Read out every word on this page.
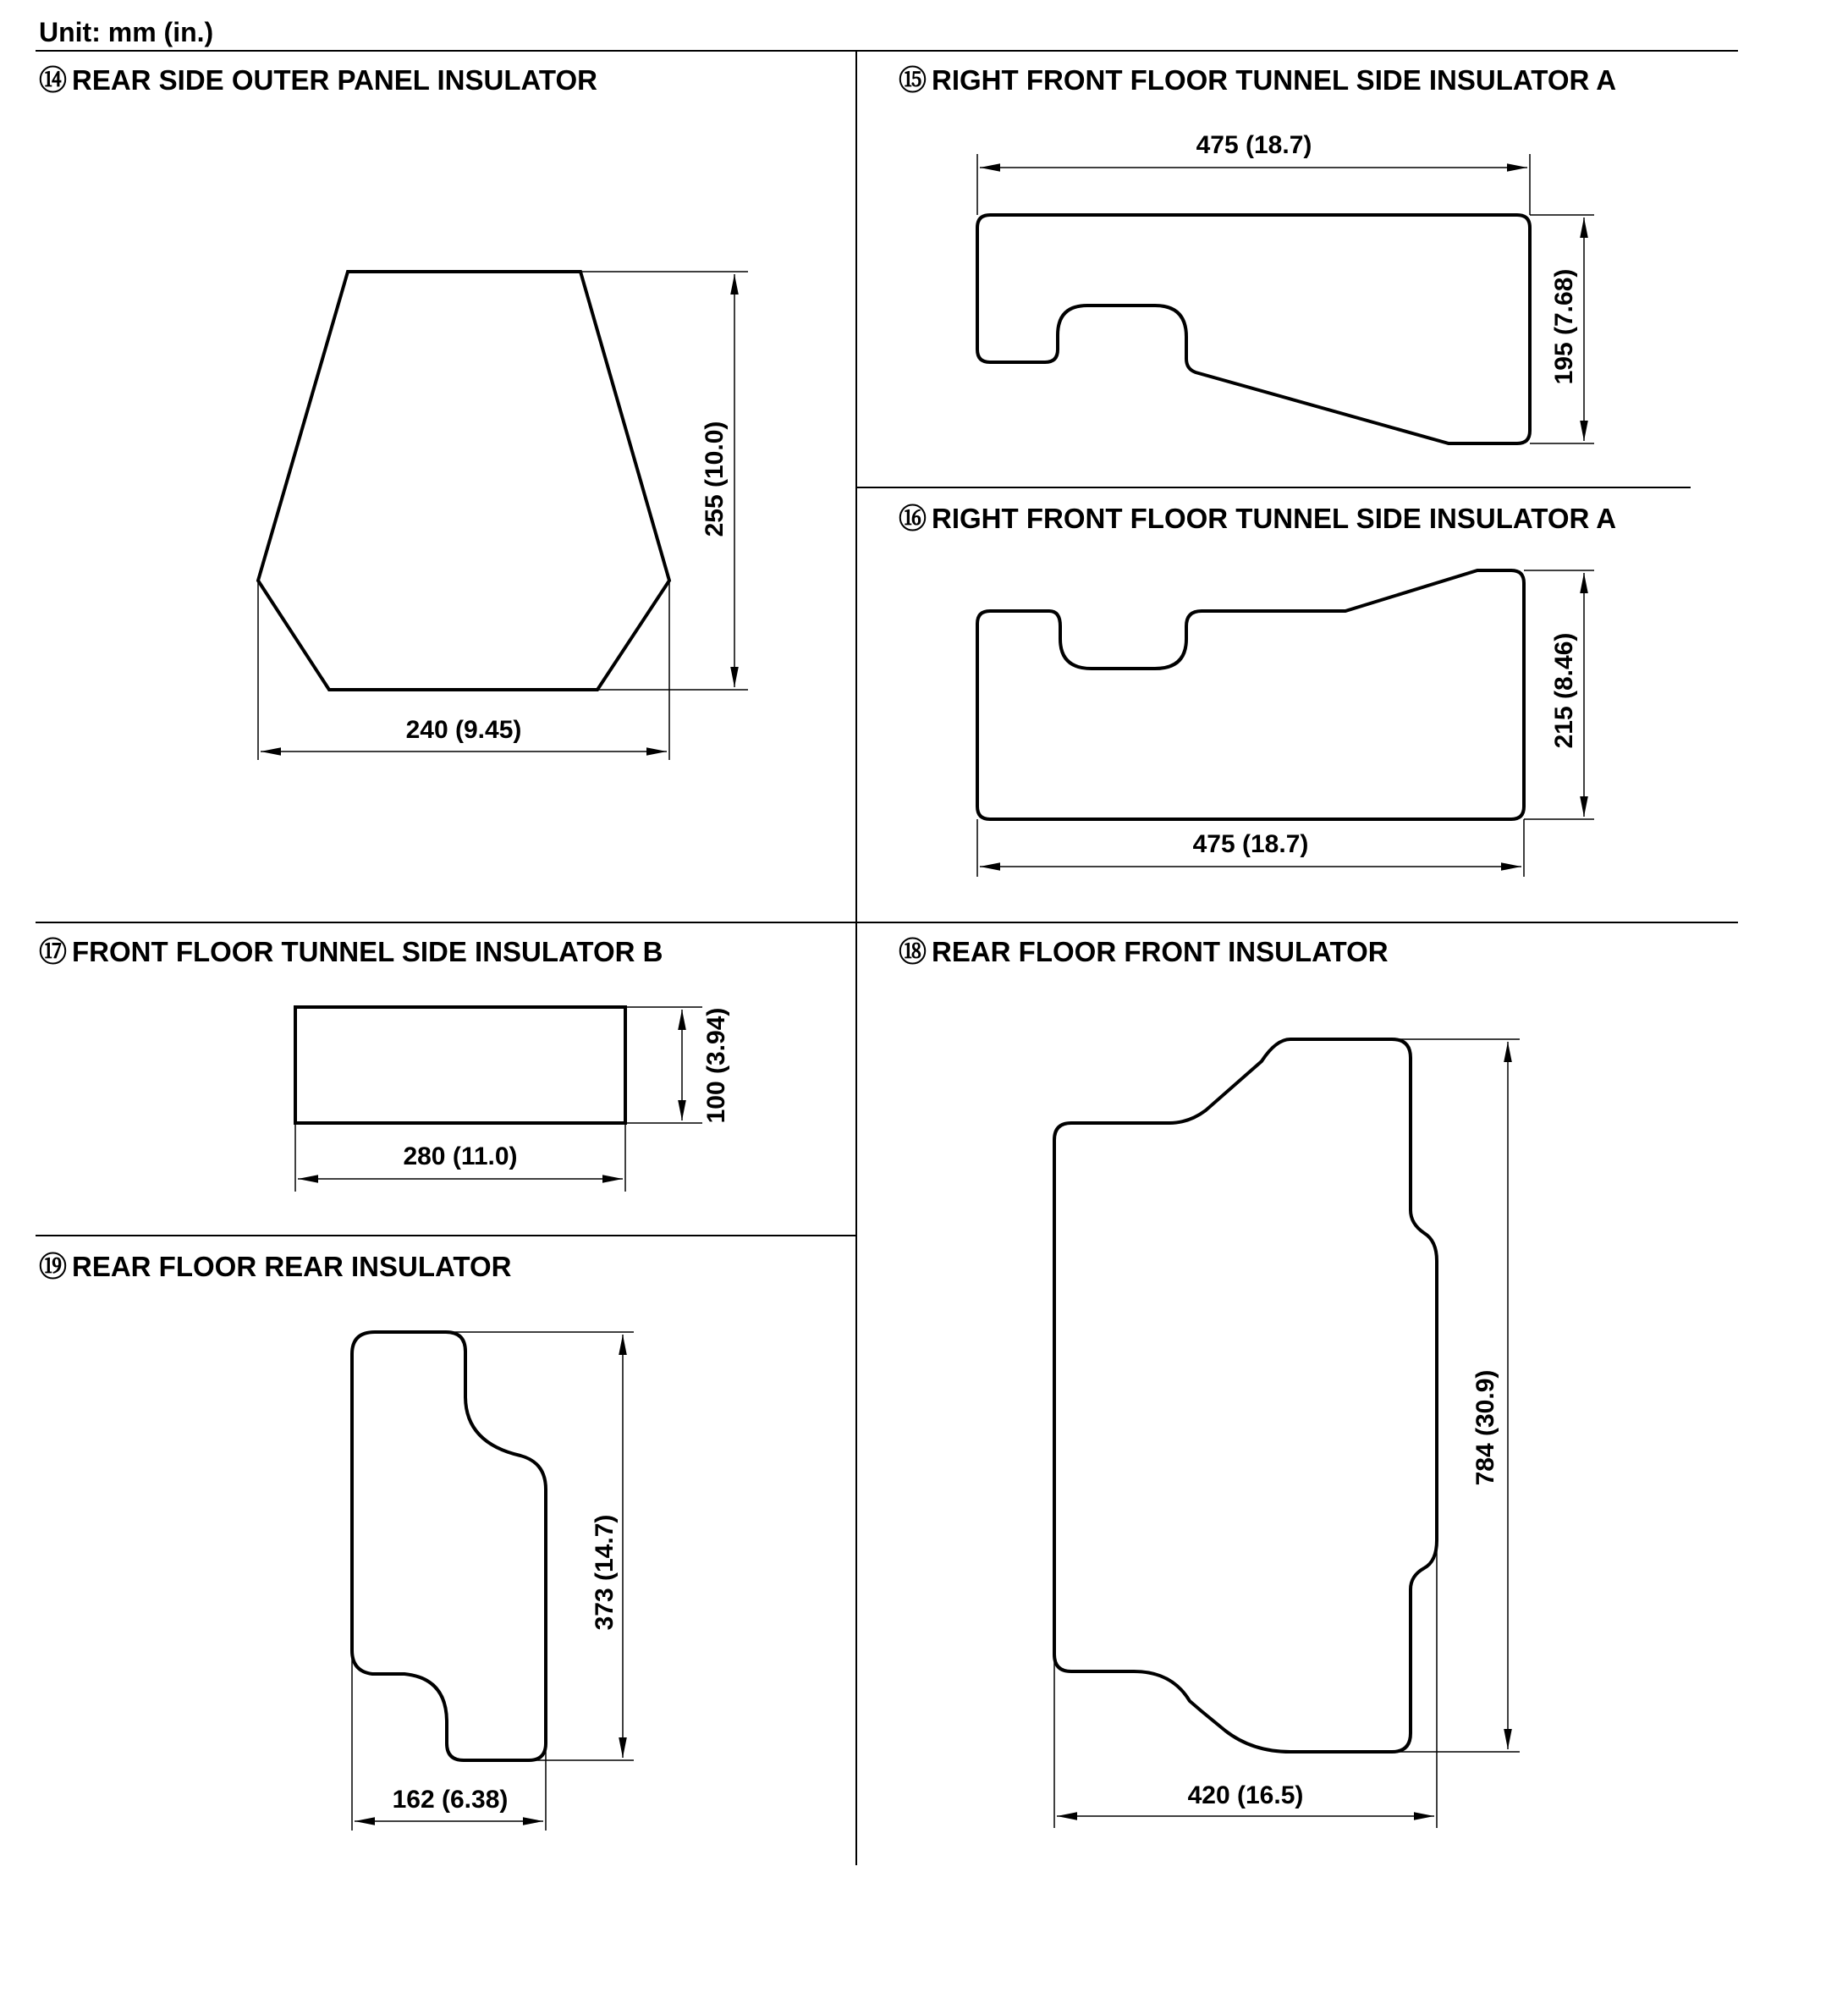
Unit: mm (in.)
⑭ REAR SIDE OUTER PANEL INSULATOR	⑮ RIGHT FRONT FLOOR TUNNEL SIDE INSULATOR A
⑯ RIGHT FRONT FLOOR TUNNEL SIDE INSULATOR A
⑰ FRONT FLOOR TUNNEL SIDE INSULATOR B	⑱ REAR FLOOR FRONT INSULATOR
⑲ REAR FLOOR REAR INSULATOR
255 (10.0)
240 (9.45)
475 (18.7)
195 (7.68)
215 (8.46)
475 (18.7)
100 (3.94)
280 (11.0)
373 (14.7)
162 (6.38)
784 (30.9)
420 (16.5)
